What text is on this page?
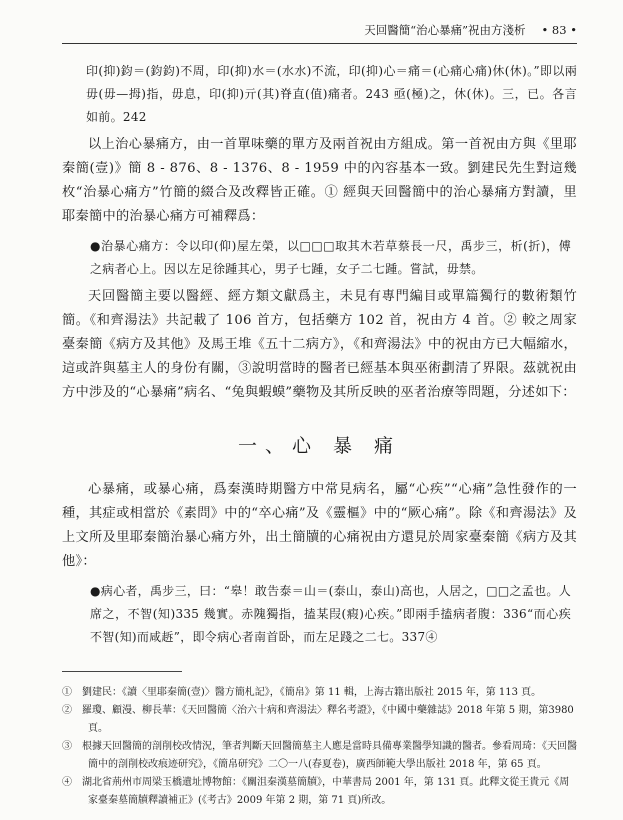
天回醫簡“治心暴痛”祝由方淺析 • 83 •

印(抑)鈞＝(鈞鈞)不周，印(抑)水＝(水水)不流，印(抑)心＝痛＝(心痛心痛)休(休)。”即以兩毋(毋—拇)指，毋息，印(抑)亓(其)脊直(值)痛者。243 亟(極)之，休(休)。三，已。各言如前。242

以上治心暴痛方，由一首單味藥的單方及兩首祝由方組成。第一首祝由方與《里耶秦簡(壹)》簡 8 - 876、8 - 1376、8 - 1959 中的內容基本一致。劉建民先生對這幾枚“治暴心痛方”竹簡的綴合及改釋皆正確。① 經與天回醫簡中的治心暴痛方對讀，里耶秦簡中的治暴心痛方可補釋爲：

●治暴心痛方：令以印(仰)屋左榮，以□□□取其木若草蔡長一尺，禹步三，析(折)，傅之病者心上。因以左足徐踵其心，男子七踵，女子二七踵。嘗試，毋禁。

天回醫簡主要以醫經、經方類文獻爲主，未見有專門編目或單篇獨行的數術類竹簡。《和齊湯法》共記載了 106 首方，包括藥方 102 首，祝由方 4 首。② 較之周家臺秦簡《病方及其他》及馬王堆《五十二病方》，《和齊湯法》中的祝由方已大幅縮水，這或許與墓主人的身份有關，③說明當時的醫者已經基本與巫術劃清了界限。茲就祝由方中涉及的“心暴痛”病名、“兔與蝦蟆”藥物及其所反映的巫者治療等問題，分述如下：

一、心 暴 痛

心暴痛，或暴心痛，爲秦漢時期醫方中常見病名，屬“心疾”“心痛”急性發作的一種，其症或相當於《素問》中的“卒心痛”及《靈樞》中的“厥心痛”。除《和齊湯法》及上文所及里耶秦簡治暴心痛方外，出土簡牘的心痛祝由方還見於周家臺秦簡《病方及其他》：

●病心者，禹步三，曰：“皋！敢告泰＝山＝(泰山，泰山)高也，人居之，□□之孟也。人席之，不智(知)335 幾實。赤隗獨指，搕某叚(瘕)心疾。”即兩手搕病者腹：336“而心疾不智(知)而咸䞣”，即令病心者南首卧，而左足踐之二七。337④

①　劉建民：《讀〈里耶秦簡(壹)〉醫方簡札記》，《簡帛》第 11 輯，上海古籍出版社 2015 年，第 113 頁。
②　羅瓊、顧漫、柳長華：《天回醫簡〈治六十病和齊湯法〉釋名考證》，《中國中藥雜誌》2018 年第 5 期，第3980 頁。
③　根據天回醫簡的剖削校改情況，筆者判斷天回醫簡墓主人應是當時具備專業醫學知識的醫者。參看周琦：《天回醫簡中的剖削校改痕迹研究》，《簡帛研究》二〇一八(春夏卷)，廣西師範大學出版社 2018 年，第 65 頁。
④　湖北省荊州市周梁玉橋遺址博物館：《關沮秦漢墓簡牘》，中華書局 2001 年，第 131 頁。此釋文從王貴元《周家臺秦墓簡牘釋讀補正》(《考古》2009 年第 2 期，第 71 頁)所改。
